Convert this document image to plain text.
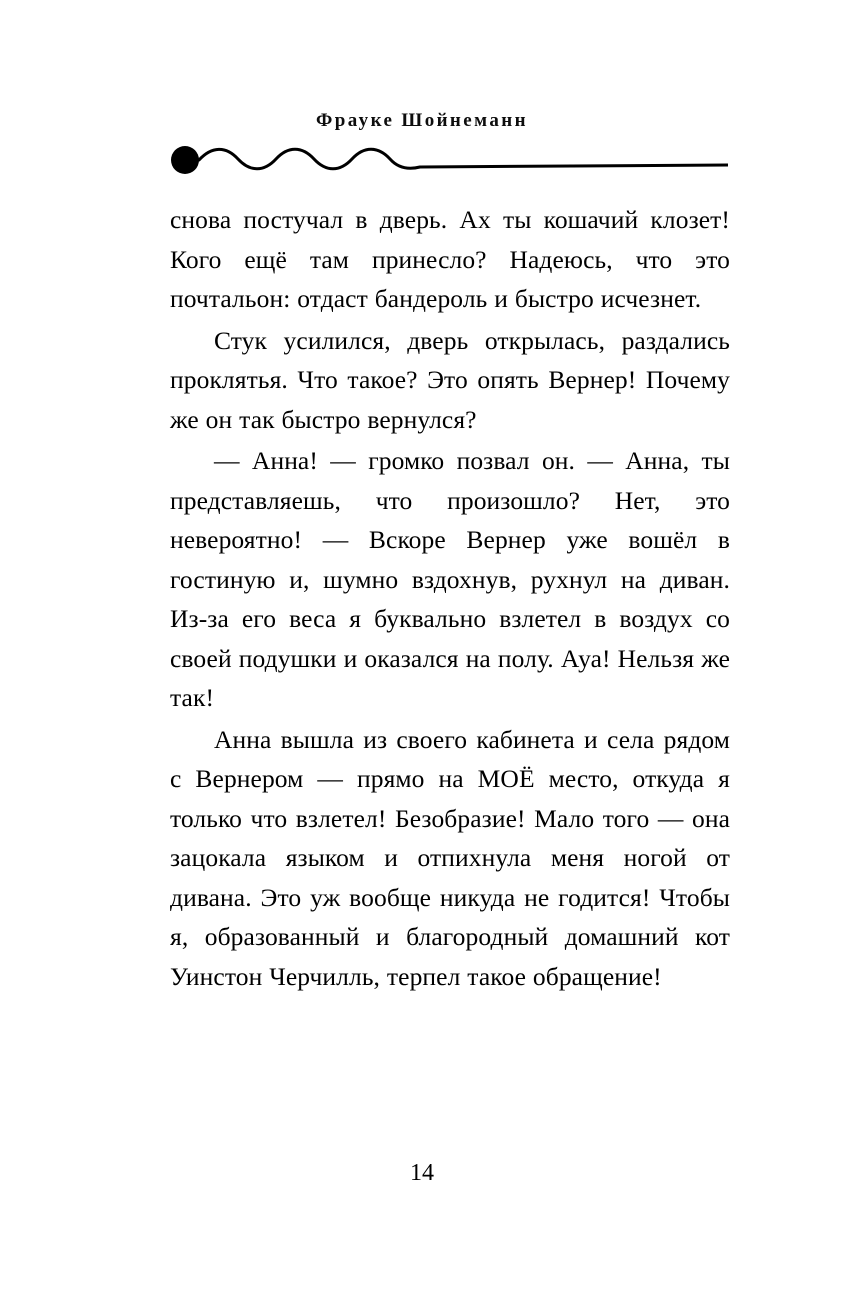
Фрауке Шойнеманн

снова постучал в дверь. Ах ты кошачий клозет! Кого ещё там принесло? Надеюсь, что это почтальон: отдаст бандероль и быстро исчезнет.

Стук усилился, дверь открылась, раздались проклятья. Что такое? Это опять Вернер! Почему же он так быстро вернулся?

— Анна! — громко позвал он. — Анна, ты представляешь, что произошло? Нет, это невероятно! — Вскоре Вернер уже вошёл в гостиную и, шумно вздохнув, рухнул на диван. Из-за его веса я буквально взлетел в воздух со своей подушки и оказался на полу. Ауа! Нельзя же так!

Анна вышла из своего кабинета и села рядом с Вернером — прямо на МОЁ место, откуда я только что взлетел! Безобразие! Мало того — она зацокала языком и отпихнула меня ногой от дивана. Это уж вообще никуда не годится! Чтобы я, образованный и благородный домашний кот Уинстон Черчилль, терпел такое обращение!

14
